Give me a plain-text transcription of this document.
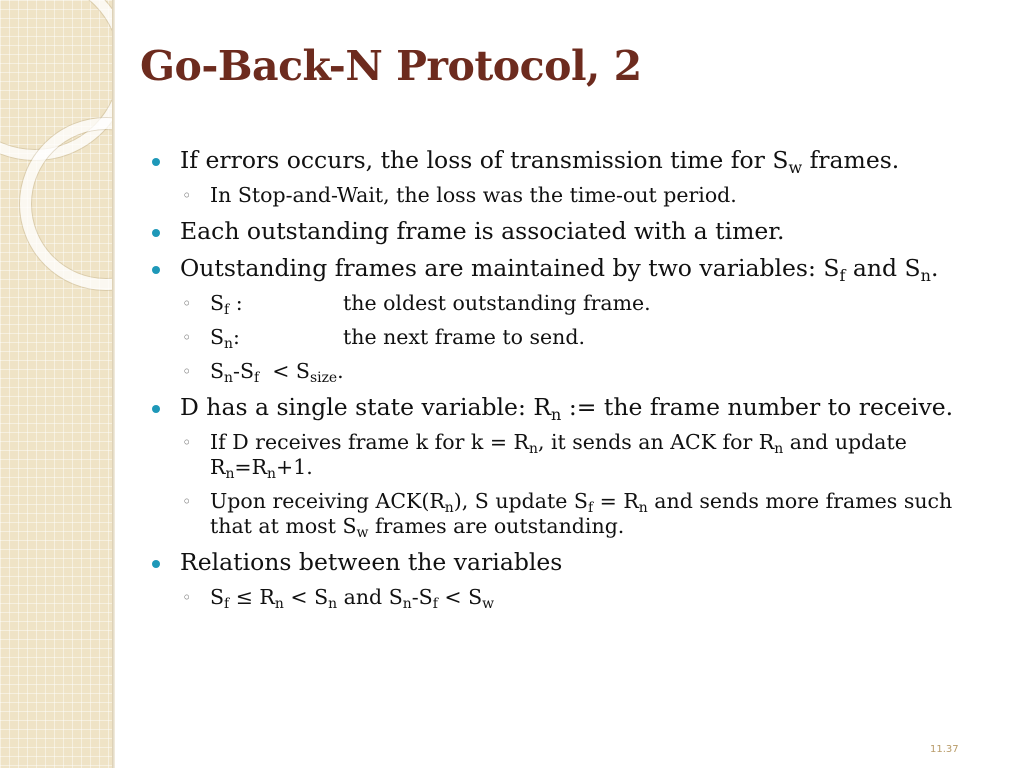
Go-Back-N Protocol, 2
If errors occurs, the loss of transmission time for $S_w$ frames.
◦ In Stop-and-Wait, the loss was the time-out period.
Each outstanding frame is associated with a timer.
Outstanding frames are maintained by two variables: $S_f$ and $S_n$.
◦ $S_f$ :	the oldest outstanding frame.
◦ $S_n$:	the next frame to send.
◦ $S_n-S_f < S_{size}$.
D has a single state variable: $R_n$ := the frame number to receive.
◦ If D receives frame k for $k = R_n$, it sends an ACK for $R_n$ and update $R_n=R_n+1$.
◦ Upon receiving $ACK(R_n)$, S update $S_f = R_n$ and sends more frames such that at most $S_w$ frames are outstanding.
Relations between the variables
◦ $S_f \le R_n < S_n$ and $S_n-S_f < S_w$
11.37
